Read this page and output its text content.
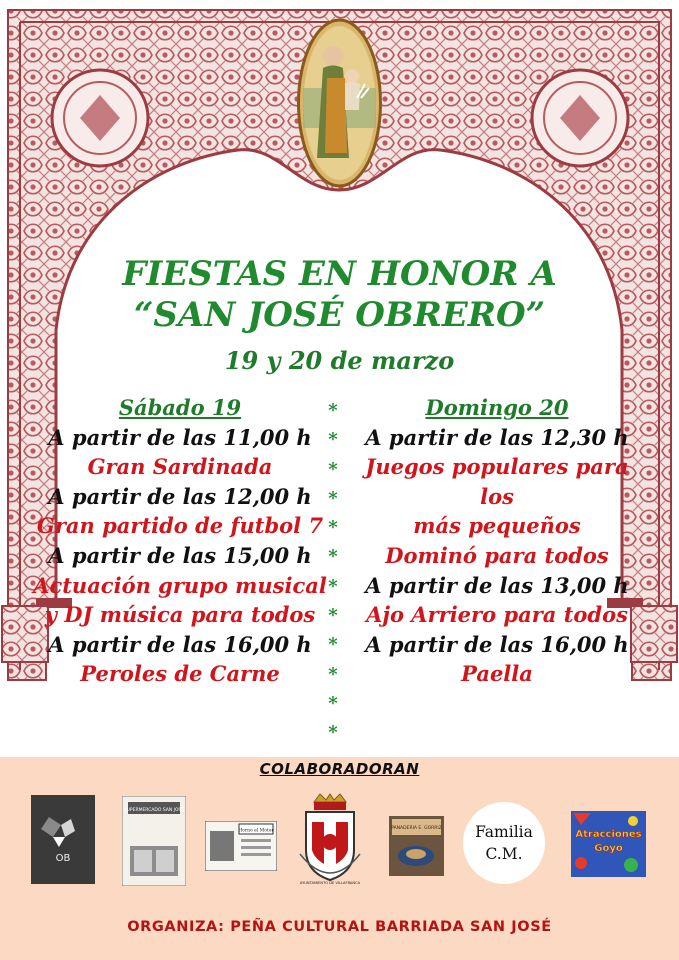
FIESTAS EN HONOR A
“SAN JOSÉ OBRERO”
19 y 20 de marzo
Sábado 19
A partir de las 11,00 h
Gran Sardinada
A partir de las 12,00 h
Gran partido de futbol 7
A partir de las 15,00 h
Actuación grupo musical
y DJ música para todos
A partir de las 16,00 h
Peroles de Carne
*
*
*
*
*
*
*
*
*
*
*
*
Domingo 20
A partir de las 12,30 h
Juegos populares para los
más pequeños
Dominó para todos
A partir de las 13,00 h
Ajo Arriero para todos
A partir de las 16,00 h
Paella
COLABORADORAN
OB
SUPERMERCADO SAN JOSÉ
Horno el Motor
AYUNTAMIENTO DE VILLAFRANCA
PANADERIA E. GORRIZ	Familia
C.M.
Atracciones
Goyo
ORGANIZA: PEÑA CULTURAL BARRIADA SAN JOSÉ
